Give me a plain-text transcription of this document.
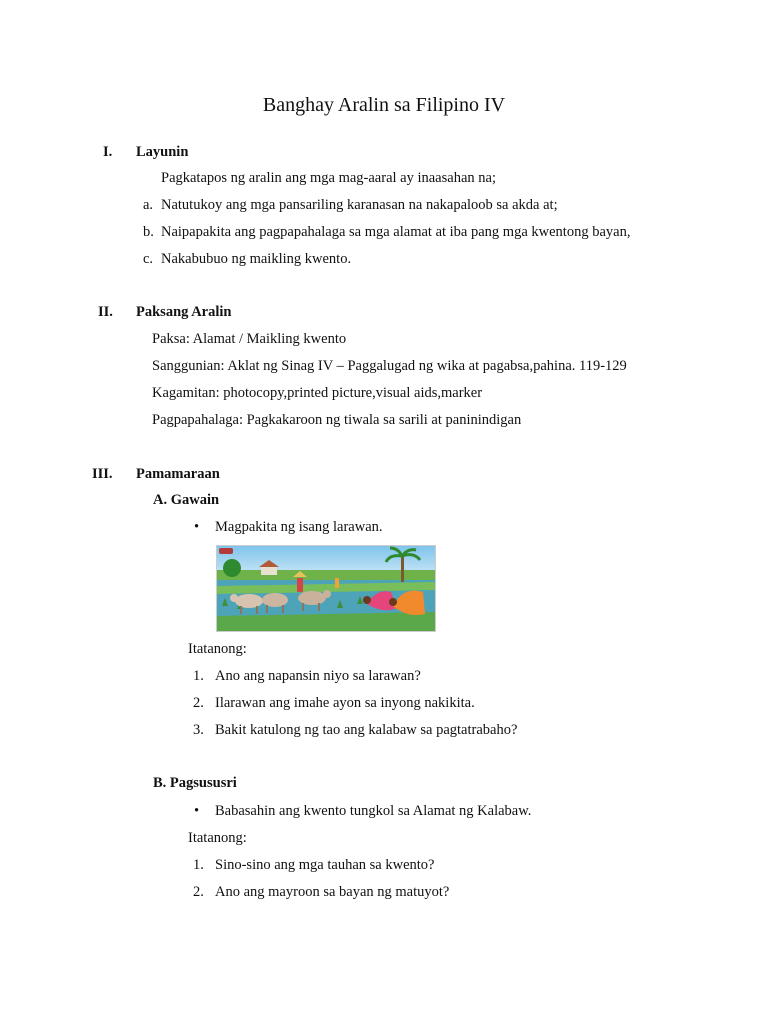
Banghay Aralin sa Filipino IV
I. Layunin
Pagkatapos ng aralin ang mga mag-aaral ay inaasahan na;
a. Natutukoy ang mga pansariling karanasan na nakapaloob sa akda at;
b. Naipapakita ang pagpapahalaga sa mga alamat at iba pang mga kwentong bayan,
c. Nakabubuo ng maikling kwento.
II. Paksang Aralin
Paksa: Alamat / Maikling kwento
Sanggunian: Aklat ng Sinag IV – Paggalugad ng wika at pagabsa,pahina. 119-129
Kagamitan: photocopy,printed picture,visual aids,marker
Pagpapahalaga: Pagkakaroon ng tiwala sa sarili at paninindigan
III. Pamamaraan
A. Gawain
• Magpakita ng isang larawan.
Itatanong:
1. Ano ang napansin niyo sa larawan?
2. Ilarawan ang imahe ayon sa inyong nakikita.
3. Bakit katulong ng tao ang kalabaw sa pagtatrabaho?
B. Pagsususri
• Babasahin ang kwento tungkol sa Alamat ng Kalabaw.
Itatanong:
1. Sino-sino ang mga tauhan sa kwento?
2. Ano ang mayroon sa bayan ng matuyot?
